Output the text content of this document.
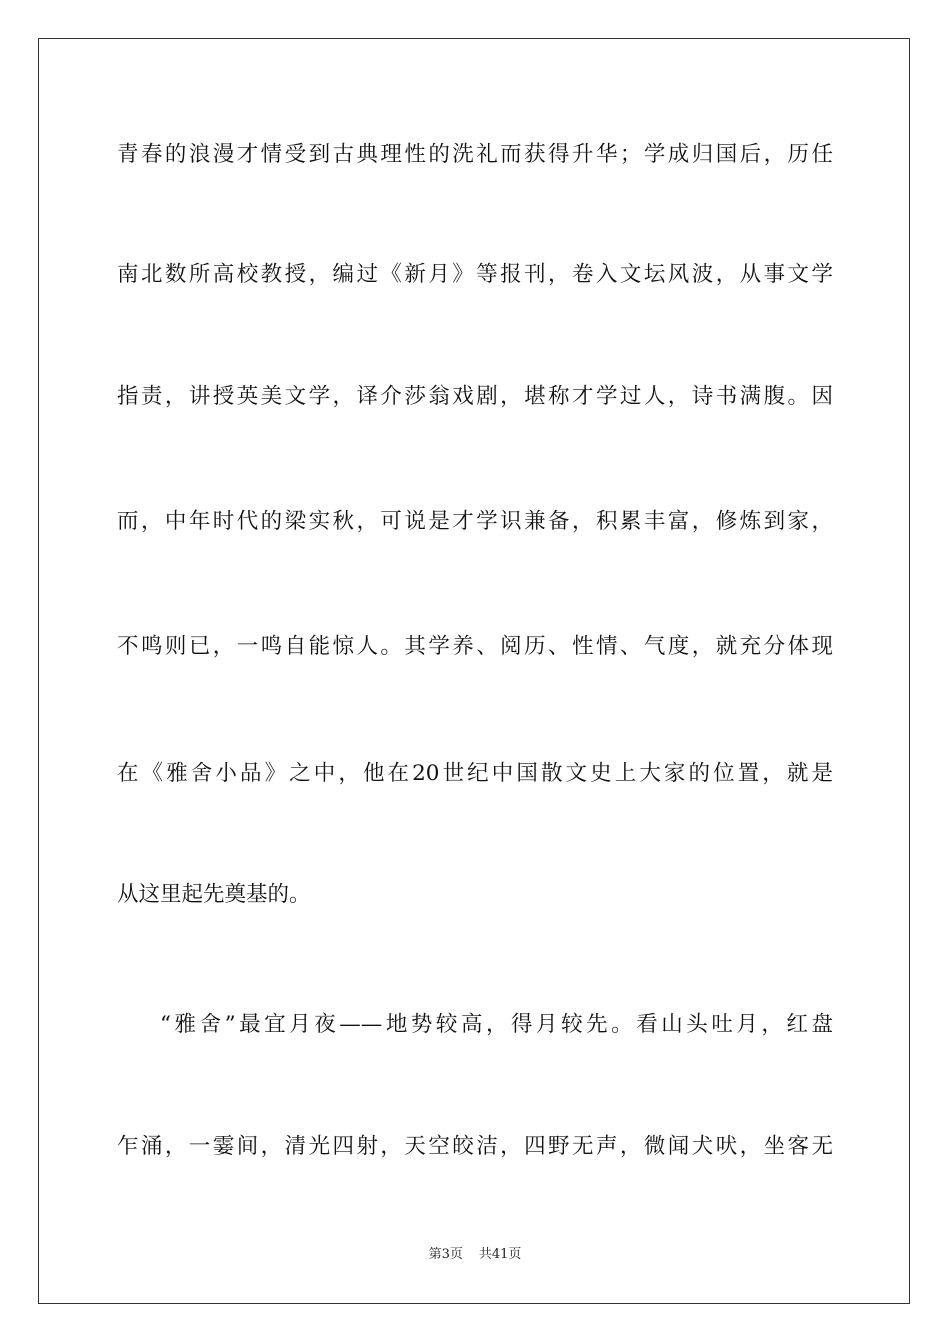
青春的浪漫才情受到古典理性的洗礼而获得升华；学成归国后，历任
南北数所高校教授，编过《新月》等报刊，卷入文坛风波，从事文学
指责，讲授英美文学，译介莎翁戏剧，堪称才学过人，诗书满腹。因
而，中年时代的梁实秋，可说是才学识兼备，积累丰富，修炼到家，
不鸣则已，一鸣自能惊人。其学养、阅历、性情、气度，就充分体现
在《雅舍小品》之中，他在20世纪中国散文史上大家的位置，就是
从这里起先奠基的。
“雅舍”最宜月夜——地势较高，得月较先。看山头吐月，红盘
乍涌，一霎间，清光四射，天空皎洁，四野无声，微闻犬吠，坐客无
第3页 共41页
